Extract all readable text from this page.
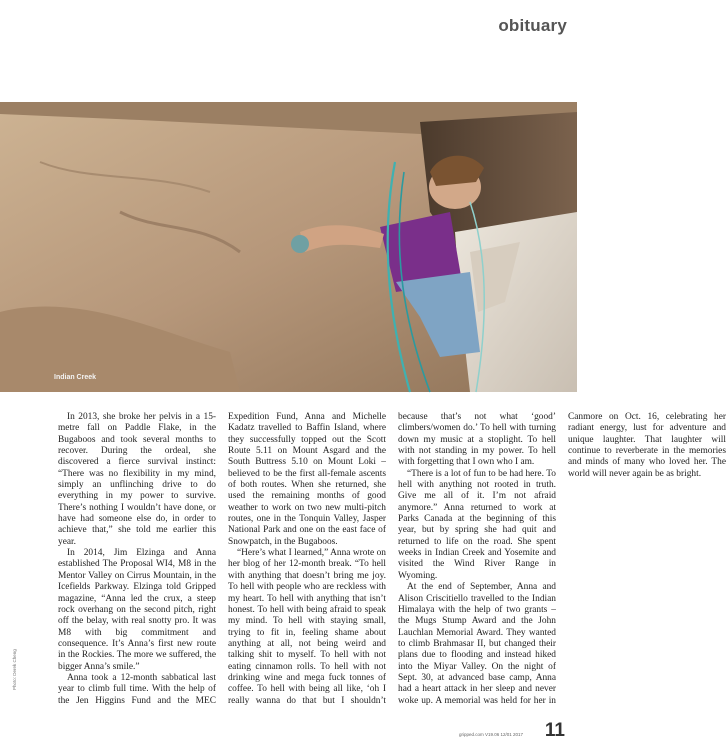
obituary
Indian Creek
Photo: Derek Cheng

In 2013, she broke her pelvis in a 15-metre fall on Paddle Flake, in the Bugaboos and took several months to recover. During the ordeal, she discovered a fierce survival instinct: “There was no flexibility in my mind, simply an unflinching drive to do everything in my power to survive. There’s nothing I wouldn’t have done, or have had someone else do, in order to achieve that,” she told me earlier this year.

In 2014, Jim Elzinga and Anna established The Proposal WI4, M8 in the Mentor Valley on Cirrus Mountain, in the Icefields Parkway. Elzinga told Gripped magazine, “Anna led the crux, a steep rock overhang on the second pitch, right off the belay, with real snotty pro. It was M8 with big commitment and consequence. It’s Anna’s first new route in the Rockies. The more we suffered, the bigger Anna’s smile.”

Anna took a 12-month sabbatical last year to climb full time. With the help of the Jen Higgins Fund and the MEC Expedition Fund, Anna and Michelle Kadatz travelled to Baffin Island, where they successfully topped out the Scott Route 5.11 on Mount Asgard and the South Buttress 5.10 on Mount Loki – believed to be the first all-female ascents of both routes. When she returned, she used the remaining months of good weather to work on two new multi-pitch routes, one in the Tonquin Valley, Jasper National Park and one on the east face of Snowpatch, in the Bugaboos.

“Here’s what I learned,” Anna wrote on her blog of her 12-month break. “To hell with anything that doesn’t bring me joy. To hell with people who are reckless with my heart. To hell with anything that isn’t honest. To hell with being afraid to speak my mind. To hell with staying small, trying to fit in, feeling shame about anything at all, not being weird and talking shit to myself. To hell with not eating cinnamon rolls. To hell with not drinking wine and mega fuck tonnes of coffee. To hell with being all like, ‘oh I really wanna do that but I shouldn’t because that’s not what ‘good’ climbers/women do.’ To hell with turning down my music at a stoplight. To hell with not standing in my power. To hell with forgetting that I own who I am.

“There is a lot of fun to be had here. To hell with anything not rooted in truth. Give me all of it. I’m not afraid anymore.” Anna returned to work at Parks Canada at the beginning of this year, but by spring she had quit and returned to life on the road. She spent weeks in Indian Creek and Yosemite and visited the Wind River Range in Wyoming.

At the end of September, Anna and Alison Criscitiello travelled to the Indian Himalaya with the help of two grants – the Mugs Stump Award and the John Lauchlan Memorial Award. They wanted to climb Brahmasar II, but changed their plans due to flooding and instead hiked into the Miyar Valley. On the night of Sept. 30, at advanced base camp, Anna had a heart attack in her sleep and never woke up. A memorial was held for her in Canmore on Oct. 16, celebrating her radiant energy, lust for adventure and unique laughter. That laughter will continue to reverberate in the memories and minds of many who loved her. The world will never again be as bright.

gripped.com V19.06 12/01 2017 11
